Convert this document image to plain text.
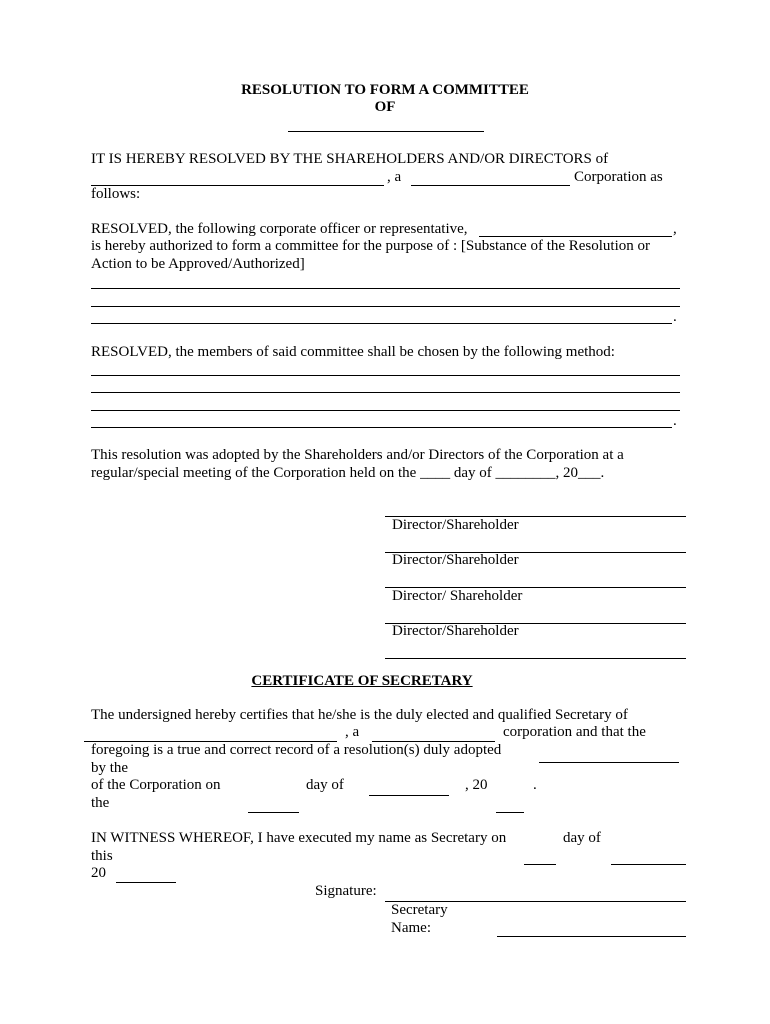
RESOLUTION TO FORM A COMMITTEE
OF
IT IS HEREBY RESOLVED BY THE SHAREHOLDERS AND/OR DIRECTORS of
, a	Corporation as
follows:
RESOLVED, the following corporate officer or representative,	,
is hereby authorized to form a committee for the purpose of : [Substance of the Resolution or
Action to be Approved/Authorized]
.
RESOLVED, the members of said committee shall be chosen by the following method:
.
This resolution was adopted by the Shareholders and/or Directors of the Corporation at a
regular/special meeting of the Corporation held on the ____ day of ________, 20___.
Director/Shareholder
Director/Shareholder
Director/ Shareholder
Director/Shareholder
CERTIFICATE OF SECRETARY
The undersigned hereby certifies that he/she is the duly elected and qualified Secretary of
, a	corporation and that the
foregoing is a true and correct record of a resolution(s) duly adopted
by the
of the Corporation on	day of	, 20	.
the
IN WITNESS WHEREOF, I have executed my name as Secretary on	day of
this
20
Signature:
Secretary
Name:
